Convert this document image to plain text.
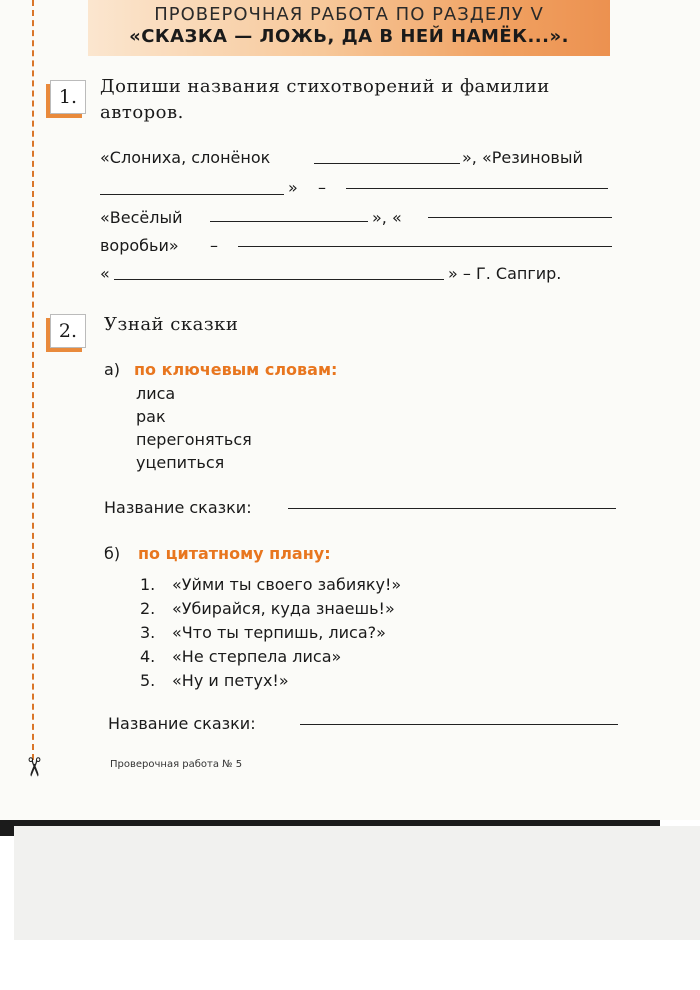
ПРОВЕРОЧНАЯ РАБОТА ПО РАЗДЕЛУ V
«СКАЗКА — ЛОЖЬ, ДА В НЕЙ НАМЁК...».
1.	Допиши названия стихотворений и фамилии
авторов.
«Слониха, слонёнок	», «Резиновый
» –
«Весёлый	», «
воробьи» –
«	» – Г. Сапгир.
2.	Узнай сказки
а) по ключевым словам:
лиса
рак
перегоняться
уцепиться
Название сказки:
б) по цитатному плану:
1. «Уйми ты своего забияку!»
2. «Убирайся, куда знаешь!»
3. «Что ты терпишь, лиса?»
4. «Не стерпела лиса»
5. «Ну и петух!»
Название сказки:
Проверочная работа № 5
✂
